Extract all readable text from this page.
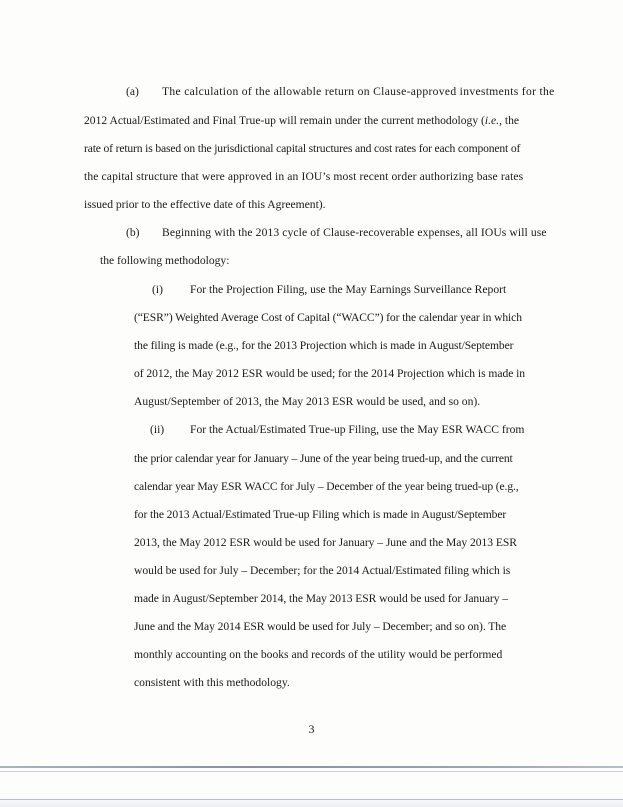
(a) The calculation of the allowable return on Clause-approved investments for the
2012 Actual/Estimated and Final True-up will remain under the current methodology (i.e., the
rate of return is based on the jurisdictional capital structures and cost rates for each component of
the capital structure that were approved in an IOU’s most recent order authorizing base rates
issued prior to the effective date of this Agreement).
(b) Beginning with the 2013 cycle of Clause-recoverable expenses, all IOUs will use
the following methodology:
(i) For the Projection Filing, use the May Earnings Surveillance Report
(“ESR”) Weighted Average Cost of Capital (“WACC”) for the calendar year in which
the filing is made (e.g., for the 2013 Projection which is made in August/September
of 2012, the May 2012 ESR would be used; for the 2014 Projection which is made in
August/September of 2013, the May 2013 ESR would be used, and so on).
(ii) For the Actual/Estimated True-up Filing, use the May ESR WACC from
the prior calendar year for January – June of the year being trued-up, and the current
calendar year May ESR WACC for July – December of the year being trued-up (e.g.,
for the 2013 Actual/Estimated True-up Filing which is made in August/September
2013, the May 2012 ESR would be used for January – June and the May 2013 ESR
would be used for July – December; for the 2014 Actual/Estimated filing which is
made in August/September 2014, the May 2013 ESR would be used for January –
June and the May 2014 ESR would be used for July – December; and so on). The
monthly accounting on the books and records of the utility would be performed
consistent with this methodology.
3
